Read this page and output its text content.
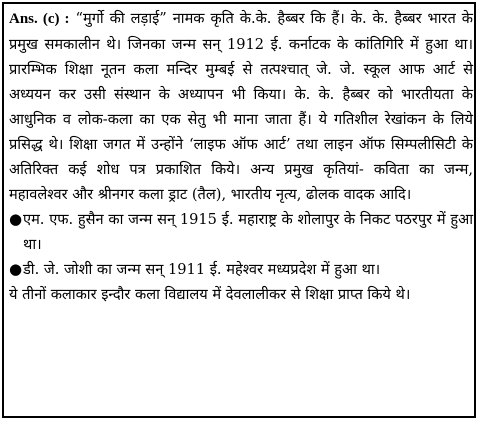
Ans. (c) : “मुर्गो की लड़ाई” नामक कृति के.के. हैब्बर कि हैं। के. के. हैब्बर भारत के प्रमुख समकालीन थे। जिनका जन्म सन् 1912 ई. कर्नाटक के कांतिगिरि में हुआ था। प्रारम्भिक शिक्षा नूतन कला मन्दिर मुम्बई से तत्पश्चात् जे. जे. स्कूल आफ आर्ट से अध्ययन कर उसी संस्थान के अध्यापन भी किया। के. के. हैब्बर को भारतीयता के आधुनिक व लोक-कला का एक सेतु भी माना जाता हैं। ये गतिशील रेखांकन के लिये प्रसिद्ध थे। शिक्षा जगत में उन्होंने ‘लाइफ ऑफ आर्ट’ तथा लाइन ऑफ सिम्पलीसिटी के अतिरिक्त कई शोध पत्र प्रकाशित किये। अन्य प्रमुख कृतियां- कविता का जन्म, महावलेश्वर और श्रीनगर कला ड्राट (तैल), भारतीय नृत्य, ढोलक वादक आदि।

● एम. एफ. हुसैन का जन्म सन् 1915 ई. महाराष्ट्र के शोलापुर के निकट पठरपुर में हुआ था।

● डी. जे. जोशी का जन्म सन् 1911 ई. महेश्वर मध्यप्रदेश में हुआ था।

ये तीनों कलाकार इन्दौर कला विद्यालय में देवलालीकर से शिक्षा प्राप्त किये थे।
